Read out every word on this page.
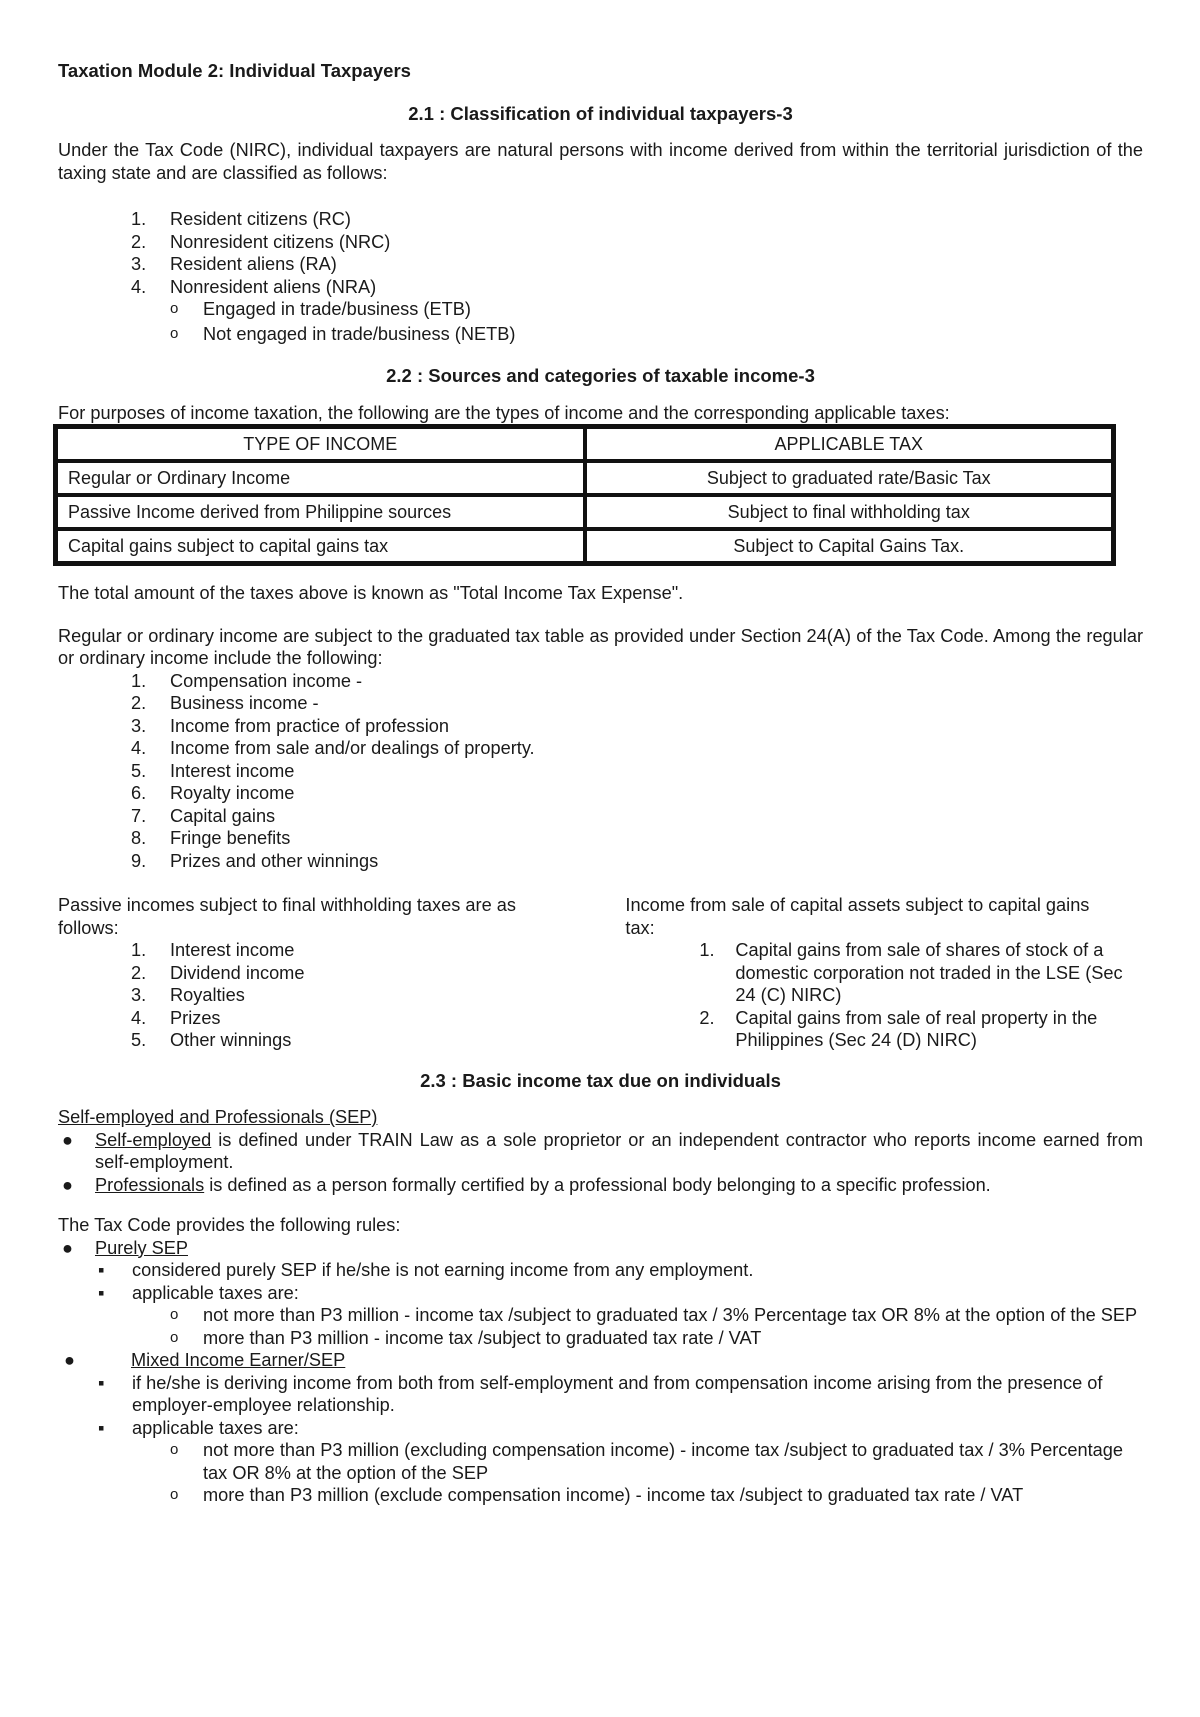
Taxation Module 2: Individual Taxpayers
2.1 : Classification of individual taxpayers-3

Under the Tax Code (NIRC), individual taxpayers are natural persons with income derived from within the territorial jurisdiction of the taxing state and are classified as follows:

1. Resident citizens (RC)
2. Nonresident citizens (NRC)
3. Resident aliens (RA)
4. Nonresident aliens (NRA)
o Engaged in trade/business (ETB)
o Not engaged in trade/business (NETB)
2.2 : Sources and categories of taxable income-3

For purposes of income taxation, the following are the types of income and the corresponding applicable taxes:

TYPE OF INCOME	APPLICABLE TAX
Regular or Ordinary Income	Subject to graduated rate/Basic Tax
Passive Income derived from Philippine sources	Subject to final withholding tax
Capital gains subject to capital gains tax	Subject to Capital Gains Tax.

The total amount of the taxes above is known as "Total Income Tax Expense".

Regular or ordinary income are subject to the graduated tax table as provided under Section 24(A) of the Tax Code. Among the regular or ordinary income include the following:

1. Compensation income -
2. Business income -
3. Income from practice of profession
4. Income from sale and/or dealings of property.
5. Interest income
6. Royalty income
7. Capital gains
8. Fringe benefits
9. Prizes and other winnings

Passive incomes subject to final withholding taxes are as follows:

1. Interest income
2. Dividend income
3. Royalties
4. Prizes
5. Other winnings

Income from sale of capital assets subject to capital gains tax:

1. Capital gains from sale of shares of stock of a domestic corporation not traded in the LSE (Sec 24 (C) NIRC)
2. Capital gains from sale of real property in the Philippines (Sec 24 (D) NIRC)
2.3 : Basic income tax due on individuals

Self-employed and Professionals (SEP)

● Self-employed is defined under TRAIN Law as a sole proprietor or an independent contractor who reports income earned from self-employment.
● Professionals is defined as a person formally certified by a professional body belonging to a specific profession.

The Tax Code provides the following rules:

● Purely SEP
▪ considered purely SEP if he/she is not earning income from any employment.
▪ applicable taxes are:
o not more than P3 million - income tax /subject to graduated tax / 3% Percentage tax OR 8% at the option of the SEP
o more than P3 million - income tax /subject to graduated tax rate / VAT
●	Mixed Income Earner/SEP
▪ if he/she is deriving income from both from self-employment and from compensation income arising from the presence of employer-employee relationship.
▪ applicable taxes are:
o not more than P3 million (excluding compensation income) - income tax /subject to graduated tax / 3% Percentage tax OR 8% at the option of the SEP
o more than P3 million (exclude compensation income) - income tax /subject to graduated tax rate / VAT
